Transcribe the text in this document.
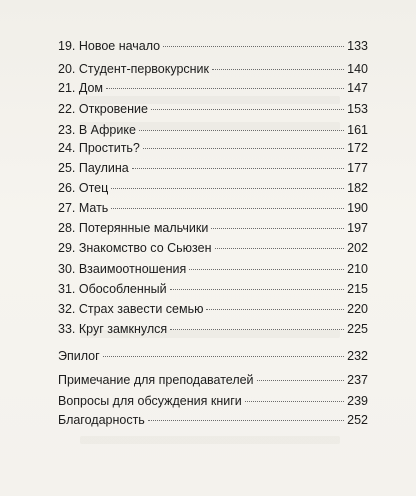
19. Новое начало	133
20. Студент-первокурсник	140
21. Дом	147
22. Откровение	153
23. В Африке	161
24. Простить?	172
25. Паулина	177
26. Отец	182
27. Мать	190
28. Потерянные мальчики	197
29. Знакомство со Сьюзен	202
30. Взаимоотношения	210
31. Обособленный	215
32. Страх завести семью	220
33. Круг замкнулся	225
Эпилог	232
Примечание для преподавателей	237
Вопросы для обсуждения книги	239
Благодарность	252
